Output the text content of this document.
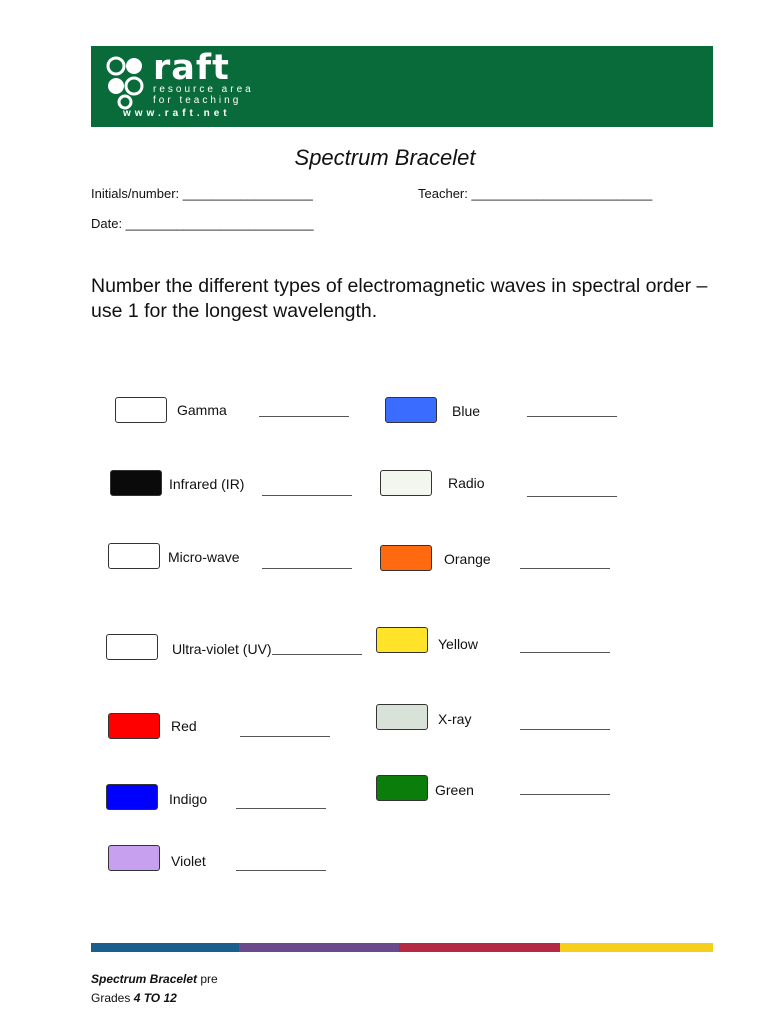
raft
resource area
for teaching
www.raft.net
Spectrum Bracelet
Initials/number: __________________	Teacher: _________________________
Date: __________________________
Number the different types of electromagnetic waves in spectral order – use 1 for the longest wavelength.
Gamma
Infrared (IR)
Micro-wave
Ultra-violet (UV)
Red
Indigo
Violet
Blue
Radio
Orange
Yellow
X-ray
Green
Spectrum Bracelet pre
Grades 4 TO 12
